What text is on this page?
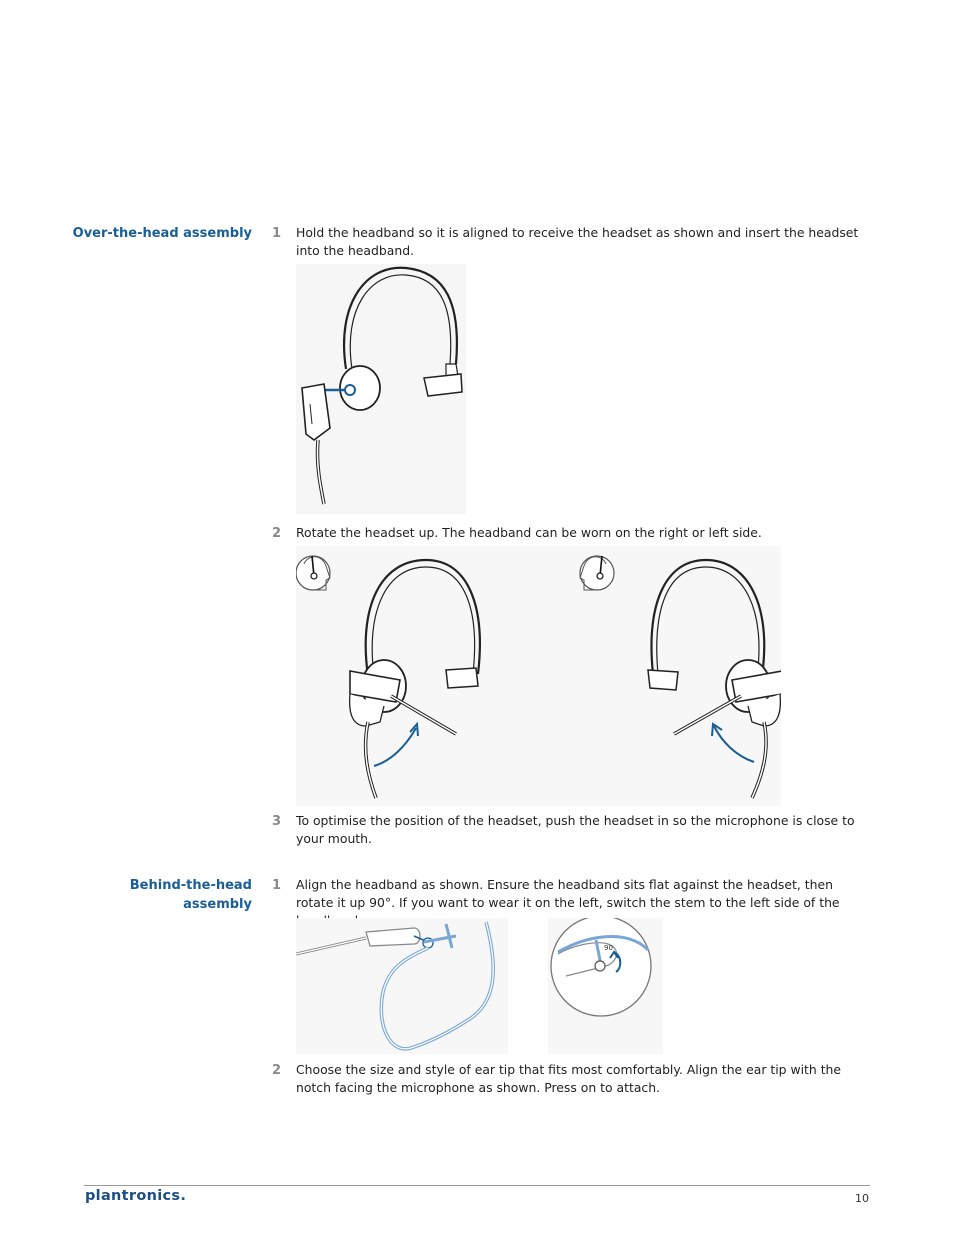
Over-the-head assembly 1 Hold the headband so it is aligned to receive the headset as shown and insert the headset into the headband.
2 Rotate the headset up. The headband can be worn on the right or left side.
3 To optimise the position of the headset, push the headset in so the microphone is close to your mouth.
Behind-the-head
assembly
1 Align the headband as shown. Ensure the headband sits flat against the headset, then rotate it up 90°. If you want to wear it on the left, switch the stem to the left side of the
90
2 Choose the size and style of ear tip that fits most comfortably. Align the ear tip with the notch facing the microphone as shown. Press on to attach.
plantronics.	10
